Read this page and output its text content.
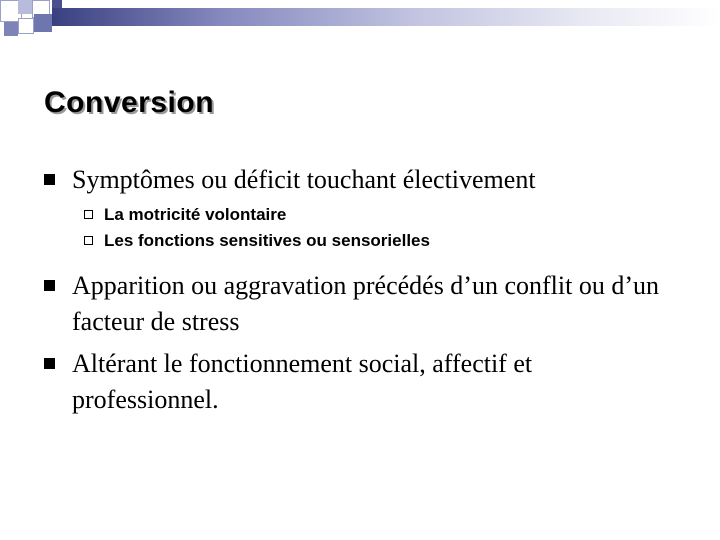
Conversion
Symptômes ou déficit touchant électivement
La motricité volontaire
Les fonctions sensitives ou sensorielles
Apparition ou aggravation précédés d’un conflit ou d’un facteur de stress
Altérant le fonctionnement social, affectif et professionnel.
